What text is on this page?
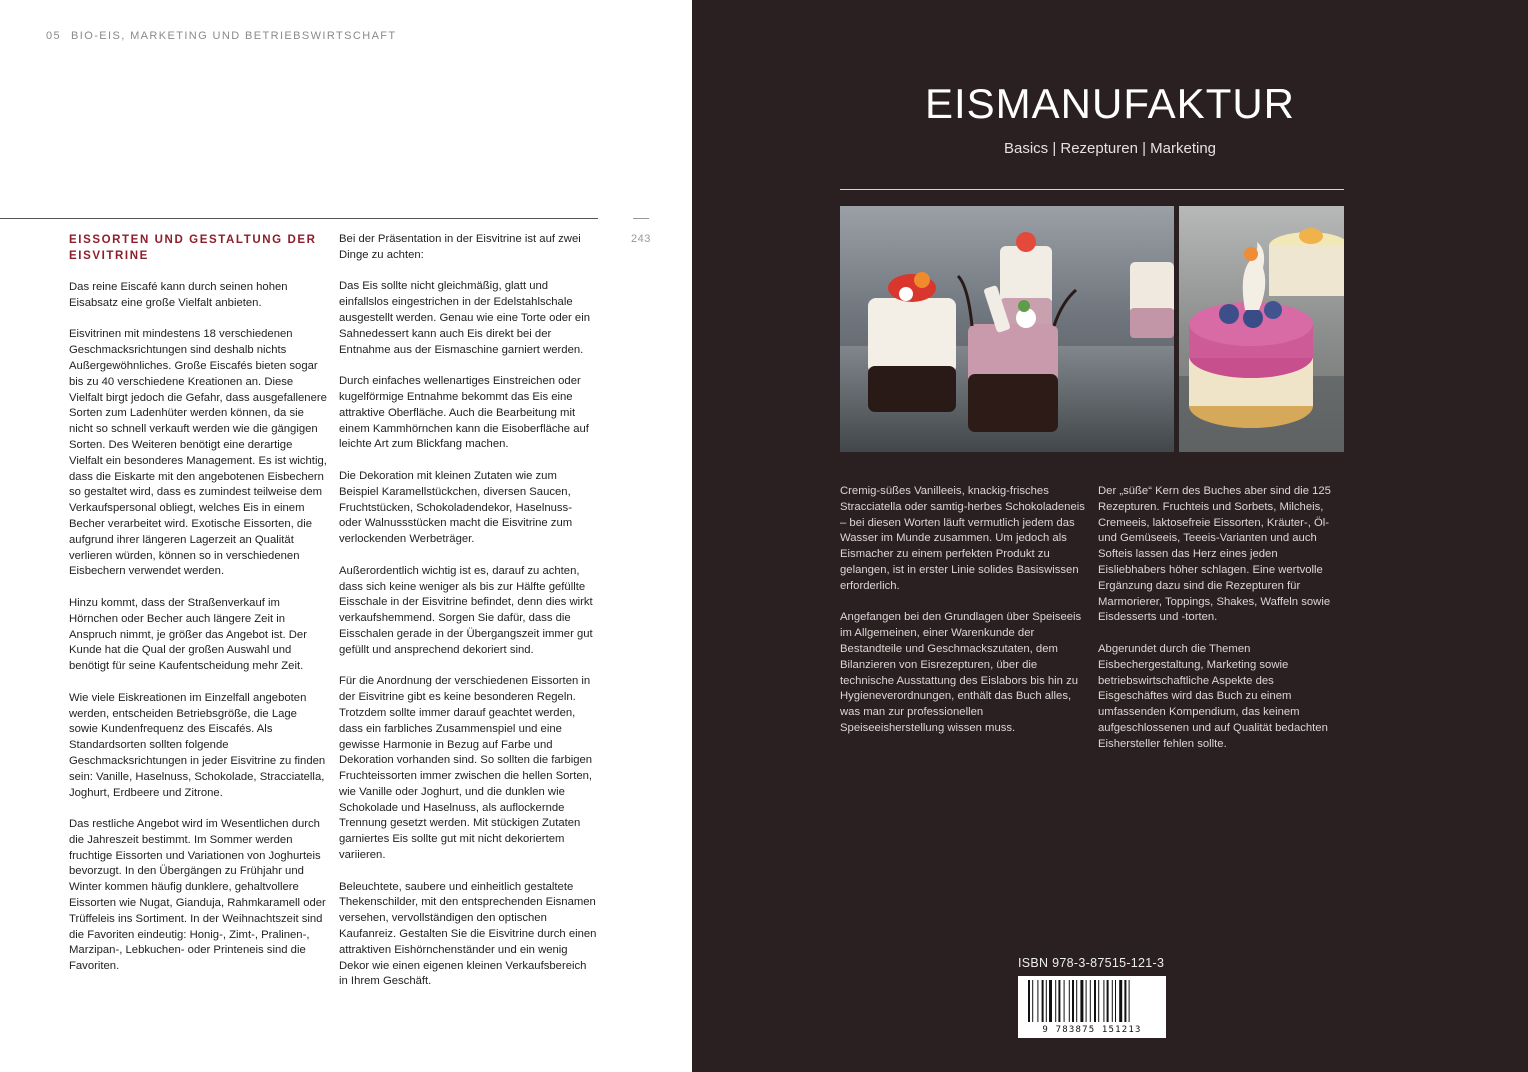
05 BIO-EIS, MARKETING UND BETRIEBSWIRTSCHAFT
243
EISSORTEN UND GESTALTUNG DER EISVITRINE

Das reine Eiscafé kann durch seinen hohen Eisabsatz eine große Vielfalt anbieten.

Eisvitrinen mit mindestens 18 verschiedenen Geschmacksrichtungen sind deshalb nichts Außergewöhnliches. Große Eiscafés bieten sogar bis zu 40 verschiedene Kreationen an. Diese Vielfalt birgt jedoch die Gefahr, dass ausgefallenere Sorten zum Ladenhüter werden können, da sie nicht so schnell verkauft werden wie die gängigen Sorten. Des Weiteren benötigt eine derartige Vielfalt ein besonderes Management. Es ist wichtig, dass die Eiskarte mit den angebotenen Eisbechern so gestaltet wird, dass es zumindest teilweise dem Verkaufspersonal obliegt, welches Eis in einem Becher verarbeitet wird. Exotische Eissorten, die aufgrund ihrer längeren Lagerzeit an Qualität verlieren würden, können so in verschiedenen Eisbechern verwendet werden.

Hinzu kommt, dass der Straßenverkauf im Hörnchen oder Becher auch längere Zeit in Anspruch nimmt, je größer das Angebot ist. Der Kunde hat die Qual der großen Auswahl und benötigt für seine Kaufentscheidung mehr Zeit.

Wie viele Eiskreationen im Einzelfall angeboten werden, entscheiden Betriebsgröße, die Lage sowie Kundenfrequenz des Eiscafés. Als Standardsorten sollten folgende Geschmacksrichtungen in jeder Eisvitrine zu finden sein: Vanille, Haselnuss, Schokolade, Stracciatella, Joghurt, Erdbeere und Zitrone.

Das restliche Angebot wird im Wesentlichen durch die Jahreszeit bestimmt. Im Sommer werden fruchtige Eissorten und Variationen von Joghurteis bevorzugt. In den Übergängen zu Frühjahr und Winter kommen häufig dunklere, gehaltvollere Eissorten wie Nugat, Gianduja, Rahmkaramell oder Trüffeleis ins Sortiment. In der Weihnachtszeit sind die Favoriten eindeutig: Honig-, Zimt-, Pralinen-, Marzipan-, Lebkuchen- oder Printeneis sind die Favoriten.

Bei der Präsentation in der Eisvitrine ist auf zwei Dinge zu achten:

Das Eis sollte nicht gleichmäßig, glatt und einfallslos eingestrichen in der Edelstahlschale ausgestellt werden. Genau wie eine Torte oder ein Sahnedessert kann auch Eis direkt bei der Entnahme aus der Eismaschine garniert werden.

Durch einfaches wellenartiges Einstreichen oder kugelförmige Entnahme bekommt das Eis eine attraktive Oberfläche. Auch die Bearbeitung mit einem Kammhörnchen kann die Eisoberfläche auf leichte Art zum Blickfang machen.

Die Dekoration mit kleinen Zutaten wie zum Beispiel Karamellstückchen, diversen Saucen, Fruchtstücken, Schokoladendekor, Haselnuss- oder Walnussstücken macht die Eisvitrine zum verlockenden Werbeträger.

Außerordentlich wichtig ist es, darauf zu achten, dass sich keine weniger als bis zur Hälfte gefüllte Eisschale in der Eisvitrine befindet, denn dies wirkt verkaufshemmend. Sorgen Sie dafür, dass die Eisschalen gerade in der Übergangszeit immer gut gefüllt und ansprechend dekoriert sind.

Für die Anordnung der verschiedenen Eissorten in der Eisvitrine gibt es keine besonderen Regeln. Trotzdem sollte immer darauf geachtet werden, dass ein farbliches Zusammenspiel und eine gewisse Harmonie in Bezug auf Farbe und Dekoration vorhanden sind. So sollten die farbigen Fruchteissorten immer zwischen die hellen Sorten, wie Vanille oder Joghurt, und die dunklen wie Schokolade und Haselnuss, als auflockernde Trennung gesetzt werden. Mit stückigen Zutaten garniertes Eis sollte gut mit nicht dekoriertem variieren.

Beleuchtete, saubere und einheitlich gestaltete Thekenschilder, mit den entsprechenden Eisnamen versehen, vervollständigen den optischen Kaufanreiz. Gestalten Sie die Eisvitrine durch einen attraktiven Eishörnchenständer und ein wenig Dekor wie einen eigenen kleinen Verkaufsbereich in Ihrem Geschäft.

EISMANUFAKTUR
Basics | Rezepturen | Marketing

Cremig-süßes Vanilleeis, knackig-frisches Stracciatella oder samtig-herbes Schokoladeneis – bei diesen Worten läuft vermutlich jedem das Wasser im Munde zusammen. Um jedoch als Eismacher zu einem perfekten Produkt zu gelangen, ist in erster Linie solides Basiswissen erforderlich.

Angefangen bei den Grundlagen über Speiseeis im Allgemeinen, einer Warenkunde der Bestandteile und Geschmackszutaten, dem Bilanzieren von Eisrezepturen, über die technische Ausstattung des Eislabors bis hin zu Hygieneverordnungen, enthält das Buch alles, was man zur professionellen Speiseeisherstellung wissen muss.

Der „süße“ Kern des Buches aber sind die 125 Rezepturen. Fruchteis und Sorbets, Milcheis, Cremeeis, laktosefreie Eissorten, Kräuter-, Öl- und Gemüseeis, Teeeis-Varianten und auch Softeis lassen das Herz eines jeden Eisliebhabers höher schlagen. Eine wertvolle Ergänzung dazu sind die Rezepturen für Marmorierer, Toppings, Shakes, Waffeln sowie Eisdesserts und -torten.

Abgerundet durch die Themen Eisbechergestaltung, Marketing sowie betriebswirtschaftliche Aspekte des Eisgeschäftes wird das Buch zu einem umfassenden Kompendium, das keinem aufgeschlossenen und auf Qualität bedachten Eishersteller fehlen sollte.

ISBN 978-3-87515-121-3
9 783875 151213
